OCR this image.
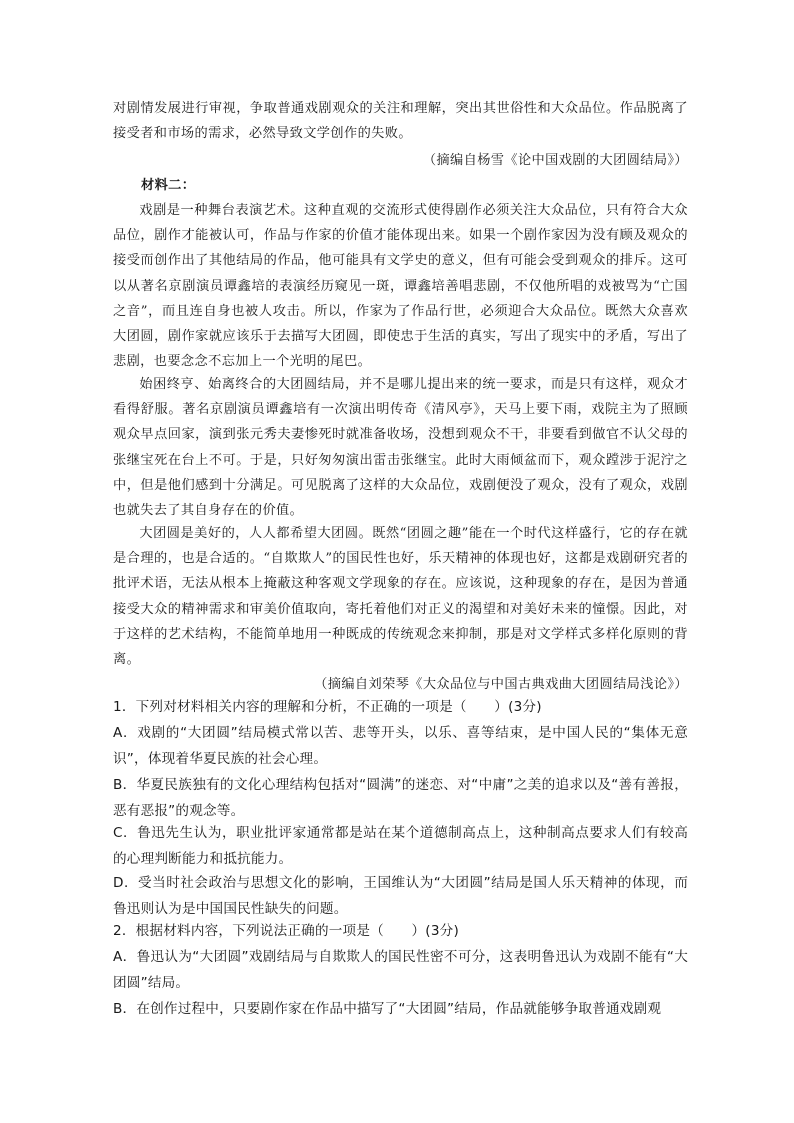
对剧情发展进行审视，争取普通戏剧观众的关注和理解，突出其世俗性和大众品位。作品脱离了接受者和市场的需求，必然导致文学创作的失败。

（摘编自杨雪《论中国戏剧的大团圆结局》）
材料二：

戏剧是一种舞台表演艺术。这种直观的交流形式使得剧作必须关注大众品位，只有符合大众品位，剧作才能被认可，作品与作家的价值才能体现出来。如果一个剧作家因为没有顾及观众的接受而创作出了其他结局的作品，他可能具有文学史的意义，但有可能会受到观众的排斥。这可以从著名京剧演员谭鑫培的表演经历窥见一斑，谭鑫培善唱悲剧，不仅他所唱的戏被骂为“亡国之音”，而且连自身也被人攻击。所以，作家为了作品行世，必须迎合大众品位。既然大众喜欢大团圆，剧作家就应该乐于去描写大团圆，即使忠于生活的真实，写出了现实中的矛盾，写出了悲剧，也要念念不忘加上一个光明的尾巴。

始困终亨、始离终合的大团圆结局，并不是哪儿提出来的统一要求，而是只有这样，观众才看得舒服。著名京剧演员谭鑫培有一次演出明传奇《清风亭》，天马上要下雨，戏院主为了照顾观众早点回家，演到张元秀夫妻惨死时就准备收场，没想到观众不干，非要看到做官不认父母的张继宝死在台上不可。于是，只好匆匆演出雷击张继宝。此时大雨倾盆而下，观众蹚涉于泥泞之中，但是他们感到十分满足。可见脱离了这样的大众品位，戏剧便没了观众，没有了观众，戏剧也就失去了其自身存在的价值。

大团圆是美好的，人人都希望大团圆。既然“团圆之趣”能在一个时代这样盛行，它的存在就是合理的，也是合适的。“自欺欺人”的国民性也好，乐天精神的体现也好，这都是戏剧研究者的批评术语，无法从根本上掩蔽这种客观文学现象的存在。应该说，这种现象的存在，是因为普通接受大众的精神需求和审美价值取向，寄托着他们对正义的渴望和对美好未来的憧憬。因此，对于这样的艺术结构，不能简单地用一种既成的传统观念来抑制，那是对文学样式多样化原则的背离。

（摘编自刘荣琴《大众品位与中国古典戏曲大团圆结局浅论》）

1．下列对材料相关内容的理解和分析，不正确的一项是（　　）(3分)

A．戏剧的“大团圆”结局模式常以苦、悲等开头，以乐、喜等结束，是中国人民的“集体无意识”，体现着华夏民族的社会心理。

B．华夏民族独有的文化心理结构包括对“圆满”的迷恋、对“中庸”之美的追求以及“善有善报，恶有恶报”的观念等。

C．鲁迅先生认为，职业批评家通常都是站在某个道德制高点上，这种制高点要求人们有较高的心理判断能力和抵抗能力。

D．受当时社会政治与思想文化的影响，王国维认为“大团圆”结局是国人乐天精神的体现，而鲁迅则认为是中国国民性缺失的问题。

2．根据材料内容，下列说法正确的一项是（　　）(3分)

A．鲁迅认为“大团圆”戏剧结局与自欺欺人的国民性密不可分，这表明鲁迅认为戏剧不能有“大团圆”结局。

B．在创作过程中，只要剧作家在作品中描写了“大团圆”结局，作品就能够争取普通戏剧观
